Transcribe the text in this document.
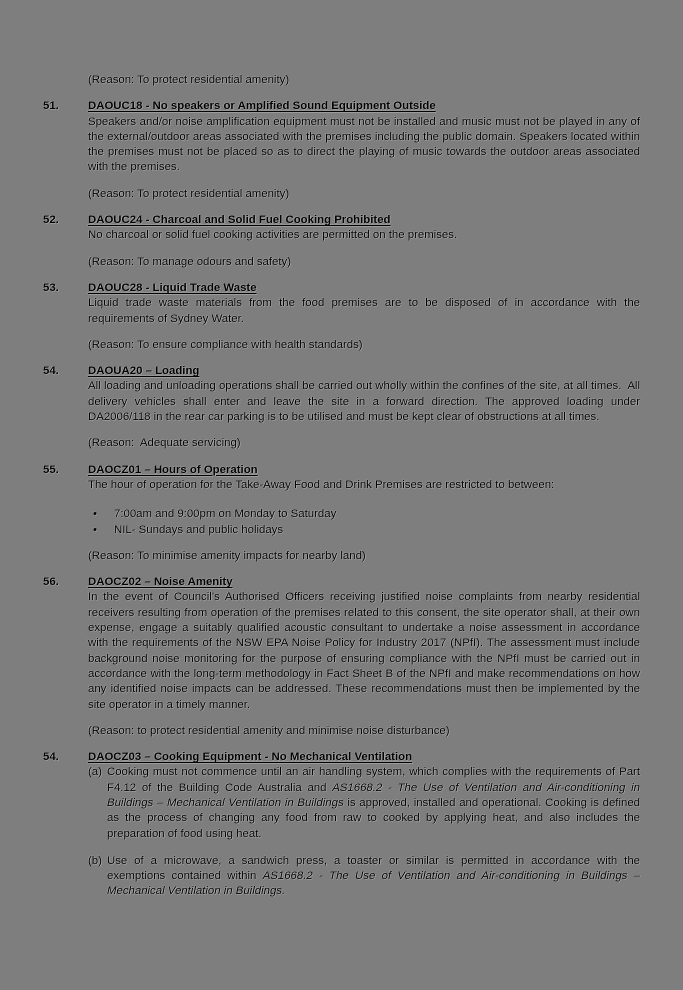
(Reason: To protect residential amenity)
51.	DAOUC18 - No speakers or Amplified Sound Equipment Outside
Speakers and/or noise amplification equipment must not be installed and music must not be played in any of the external/outdoor areas associated with the premises including the public domain. Speakers located within the premises must not be placed so as to direct the playing of music towards the outdoor areas associated with the premises.
(Reason: To protect residential amenity)
52.	DAOUC24 - Charcoal and Solid Fuel Cooking Prohibited
No charcoal or solid fuel cooking activities are permitted on the premises.
(Reason: To manage odours and safety)
53.	DAOUC28 - Liquid Trade Waste
Liquid trade waste materials from the food premises are to be disposed of in accordance with the requirements of Sydney Water.
(Reason: To ensure compliance with health standards)
54.	DAOUA20 – Loading
All loading and unloading operations shall be carried out wholly within the confines of the site, at all times.  All delivery vehicles shall enter and leave the site in a forward direction. The approved loading under DA2006/118 in the rear car parking is to be utilised and must be kept clear of obstructions at all times.
(Reason:  Adequate servicing)
55.	DAOCZ01 – Hours of Operation
The hour of operation for the Take-Away Food and Drink Premises are restricted to between:
•	7:00am and 9:00pm on Monday to Saturday
•	NIL- Sundays and public holidays
(Reason: To minimise amenity impacts for nearby land)
56.	DAOCZ02 – Noise Amenity
In the event of Council's Authorised Officers receiving justified noise complaints from nearby residential receivers resulting from operation of the premises related to this consent, the site operator shall, at their own expense, engage a suitably qualified acoustic consultant to undertake a noise assessment in accordance with the requirements of the NSW EPA Noise Policy for Industry 2017 (NPfI). The assessment must include background noise monitoring for the purpose of ensuring compliance with the NPfI must be carried out in accordance with the long-term methodology in Fact Sheet B of the NPfI and make recommendations on how any identified noise impacts can be addressed. These recommendations must then be implemented by the site operator in a timely manner.
(Reason: to protect residential amenity and minimise noise disturbance)
54.	DAOCZ03 – Cooking Equipment - No Mechanical Ventilation
(a) Cooking must not commence until an air handling system, which complies with the requirements of Part F4.12 of the Building Code Australia and AS1668.2 - The Use of Ventilation and Air-conditioning in Buildings – Mechanical Ventilation in Buildings is approved, installed and operational. Cooking is defined as the process of changing any food from raw to cooked by applying heat, and also includes the preparation of food using heat.
(b) Use of a microwave, a sandwich press, a toaster or similar is permitted in accordance with the exemptions contained within AS1668.2 - The Use of Ventilation and Air-conditioning in Buildings – Mechanical Ventilation in Buildings.
